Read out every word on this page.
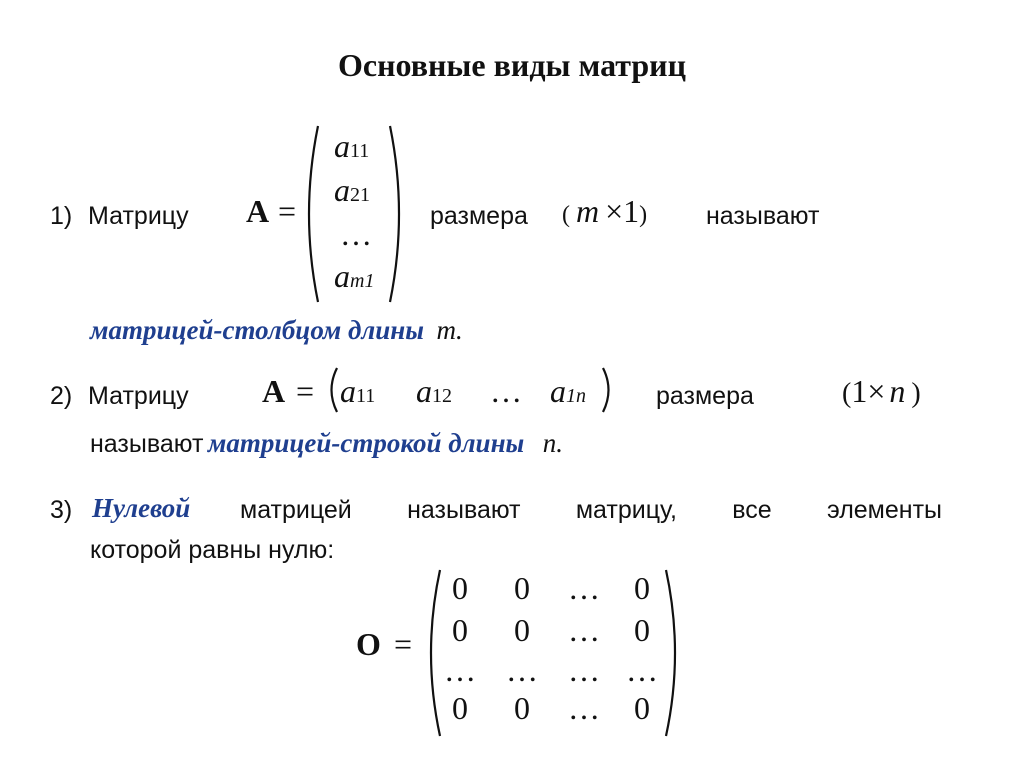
Основные виды матриц
1) Матрицу A =
a11
a21
…
am1
размера ( m ×1) называют
матрицей-столбцом длины m.
2) Матрицу A = a11 a12 … a1n	размера	(1× n )
называют матрицей-строкой длины n.
3) Нулевой матрицей называют матрицу, все элементы
которой равны нулю:
O =
0	0	…	0
0	0	…	0
… … … …
0	0	…	0
